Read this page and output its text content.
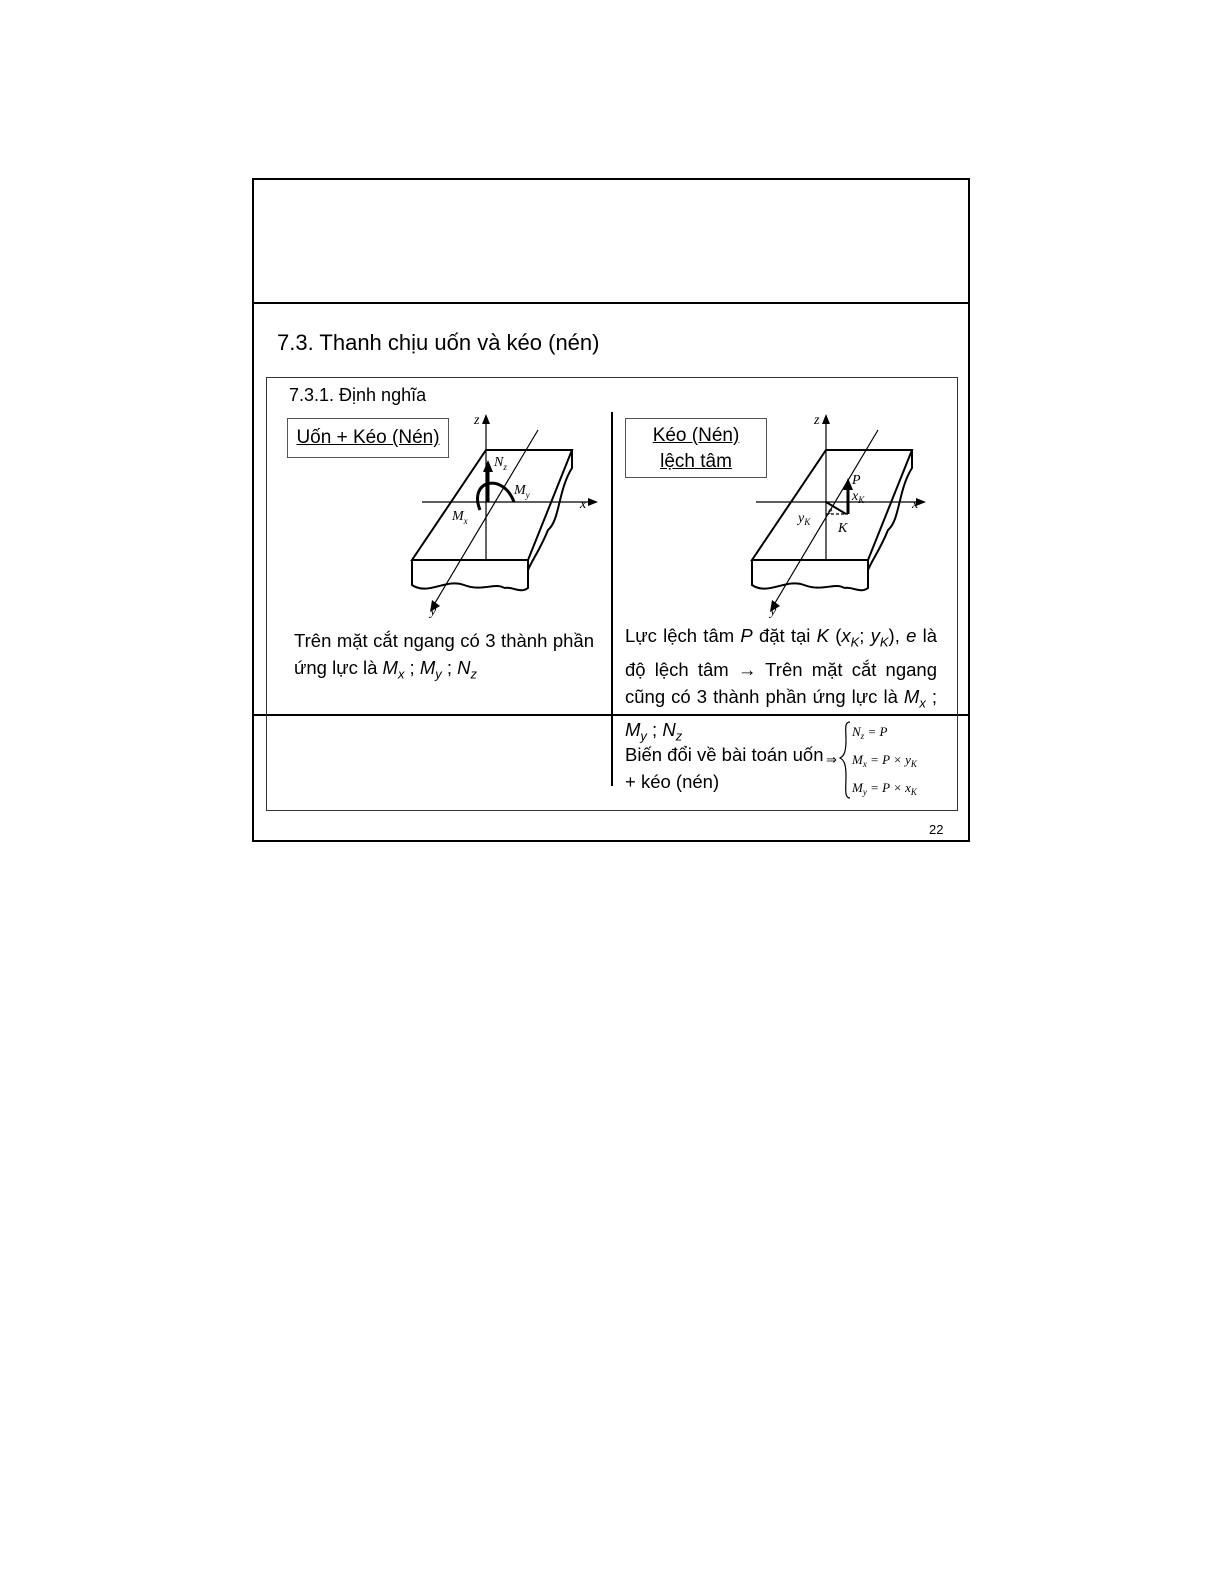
7.3. Thanh chịu uốn và kéo (nén)
7.3.1. Định nghĩa
Uốn + Kéo (Nén)	Kéo (Nén)
lệch tâm
z
x
y
$N_z$
$M_y$
$M_x$
z
x
y
P
$x_K$
$y_K$ K
e
Trên mặt cắt ngang có 3 thành phần ứng lực là $M_x$ ; $M_y$ ; $N_z$
Lực lệch tâm P đặt tại K ($x_K$; $y_K$), e là độ lệch tâm → Trên mặt cắt ngang cũng có 3 thành phần ứng lực là $M_x$ ; $M_y$ ; $N_z$
Biến đổi về bài toán uốn + kéo (nén)
⇒
$N_z = P$
$M_x = P \times y_K$
$M_y = P \times x_K$
22
